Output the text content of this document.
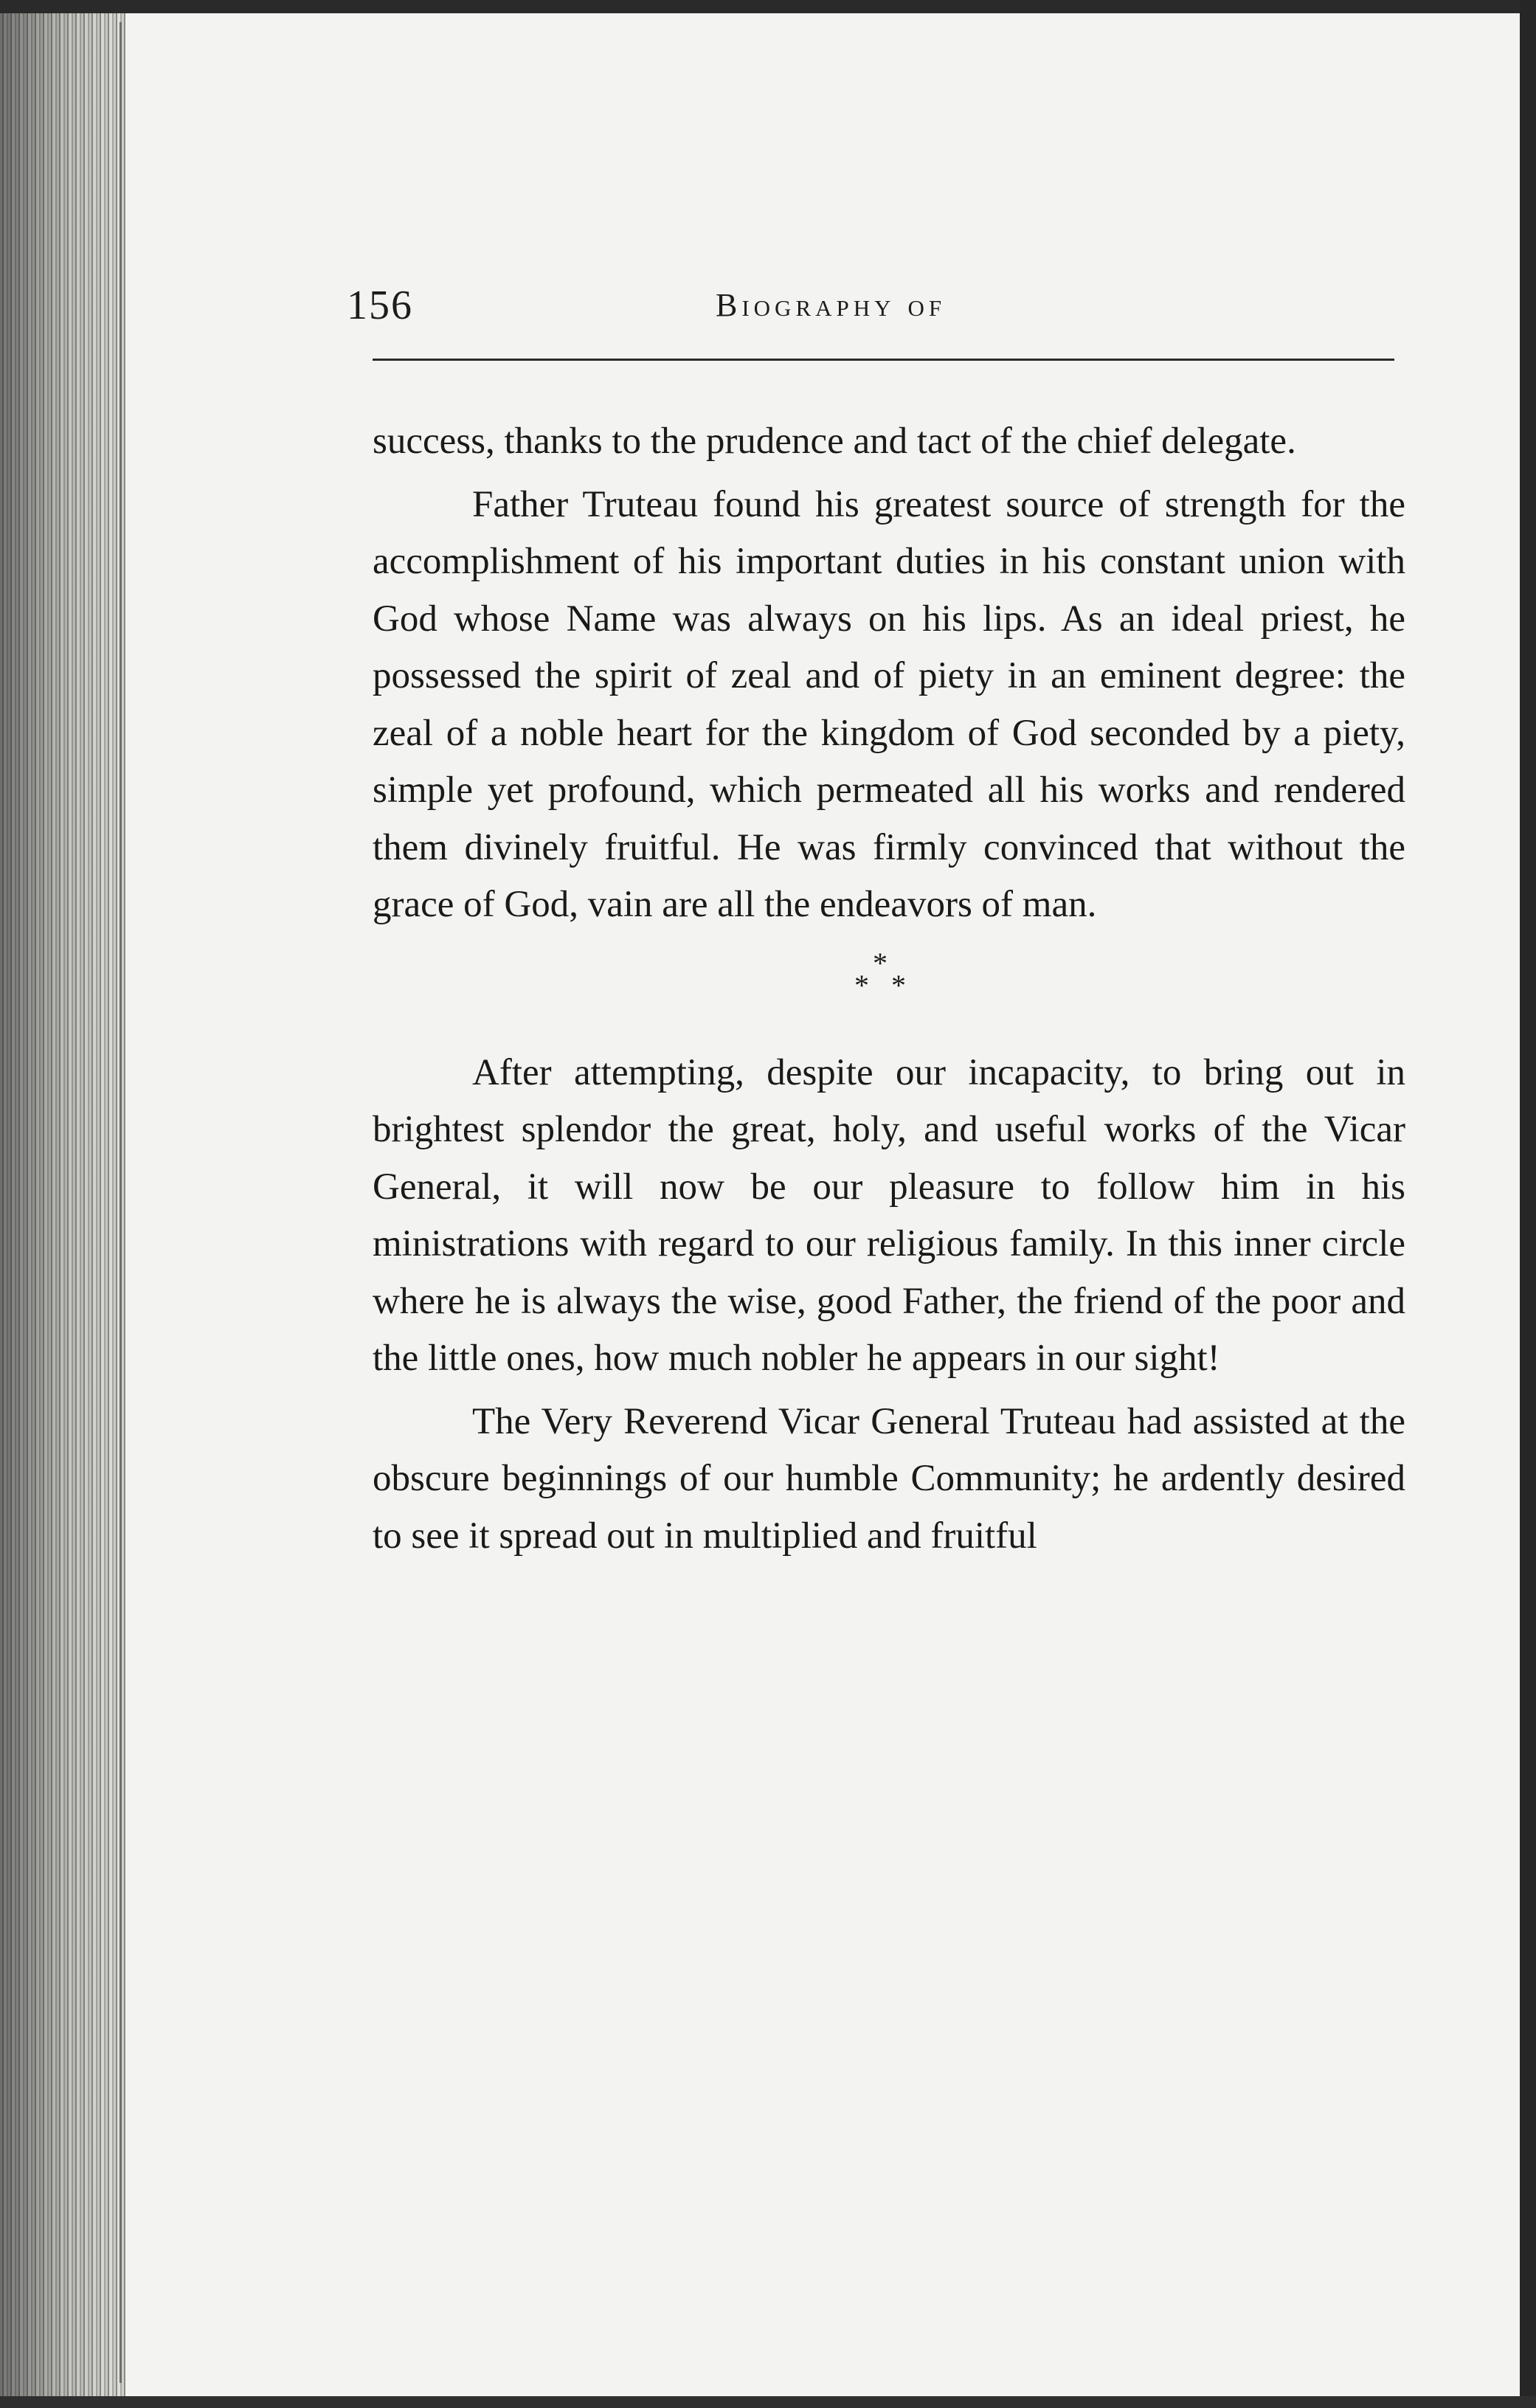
156	Biography of

success, thanks to the prudence and tact of the chief delegate.

Father Truteau found his greatest source of strength for the accomplishment of his important duties in his constant union with God whose Name was always on his lips. As an ideal priest, he possessed the spirit of zeal and of piety in an eminent degree: the zeal of a noble heart for the kingdom of God seconded by a piety, simple yet profound, which permeated all his works and rendered them divinely fruitful. He was firmly convinced that without the grace of God, vain are all the endeavors of man.

*
* *

After attempting, despite our incapacity, to bring out in brightest splendor the great, holy, and useful works of the Vicar General, it will now be our pleasure to follow him in his ministrations with regard to our religious family. In this inner circle where he is always the wise, good Father, the friend of the poor and the little ones, how much nobler he appears in our sight!

The Very Reverend Vicar General Truteau had assisted at the obscure beginnings of our humble Community; he ardently desired to see it spread out in multiplied and fruitful
